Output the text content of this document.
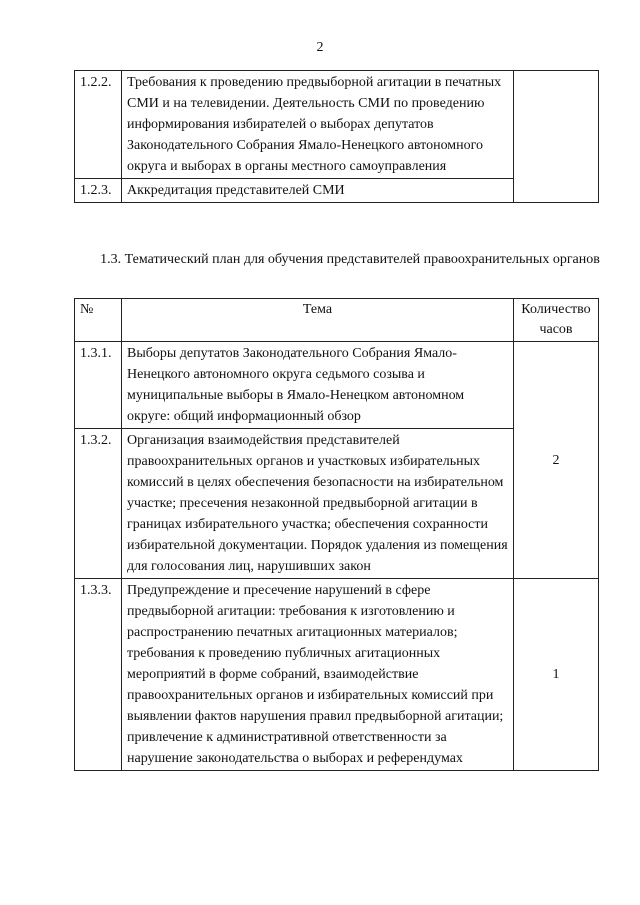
2
1.2.2.	Требования к проведению предвыборной агитации в печатных СМИ и на телевидении. Деятельность СМИ по проведению информирования избирателей о выборах депутатов Законодательного Собрания Ямало-Ненецкого автономного округа и выборах в органы местного самоуправления	
1.2.3.	Аккредитация представителей СМИ	
1.3. Тематический план для обучения представителей правоохранительных органов
№	Тема	Количество часов
1.3.1.	Выборы депутатов Законодательного Собрания Ямало-Ненецкого автономного округа седьмого созыва и муниципальные выборы в Ямало-Ненецком автономном округе: общий информационный обзор	2
1.3.2.	Организация взаимодействия представителей правоохранительных органов и участковых избирательных комиссий в целях обеспечения безопасности на избирательном участке; пресечения незаконной предвыборной агитации в границах избирательного участка; обеспечения сохранности избирательной документации. Порядок удаления из помещения для голосования лиц, нарушивших закон	
1.3.3.	Предупреждение и пресечение нарушений в сфере предвыборной агитации: требования к изготовлению и распространению печатных агитационных материалов; требования к проведению публичных агитационных мероприятий в форме собраний, взаимодействие правоохранительных органов и избирательных комиссий при выявлении фактов нарушения правил предвыборной агитации; привлечение к административной ответственности за нарушение законодательства о выборах и референдумах	1
